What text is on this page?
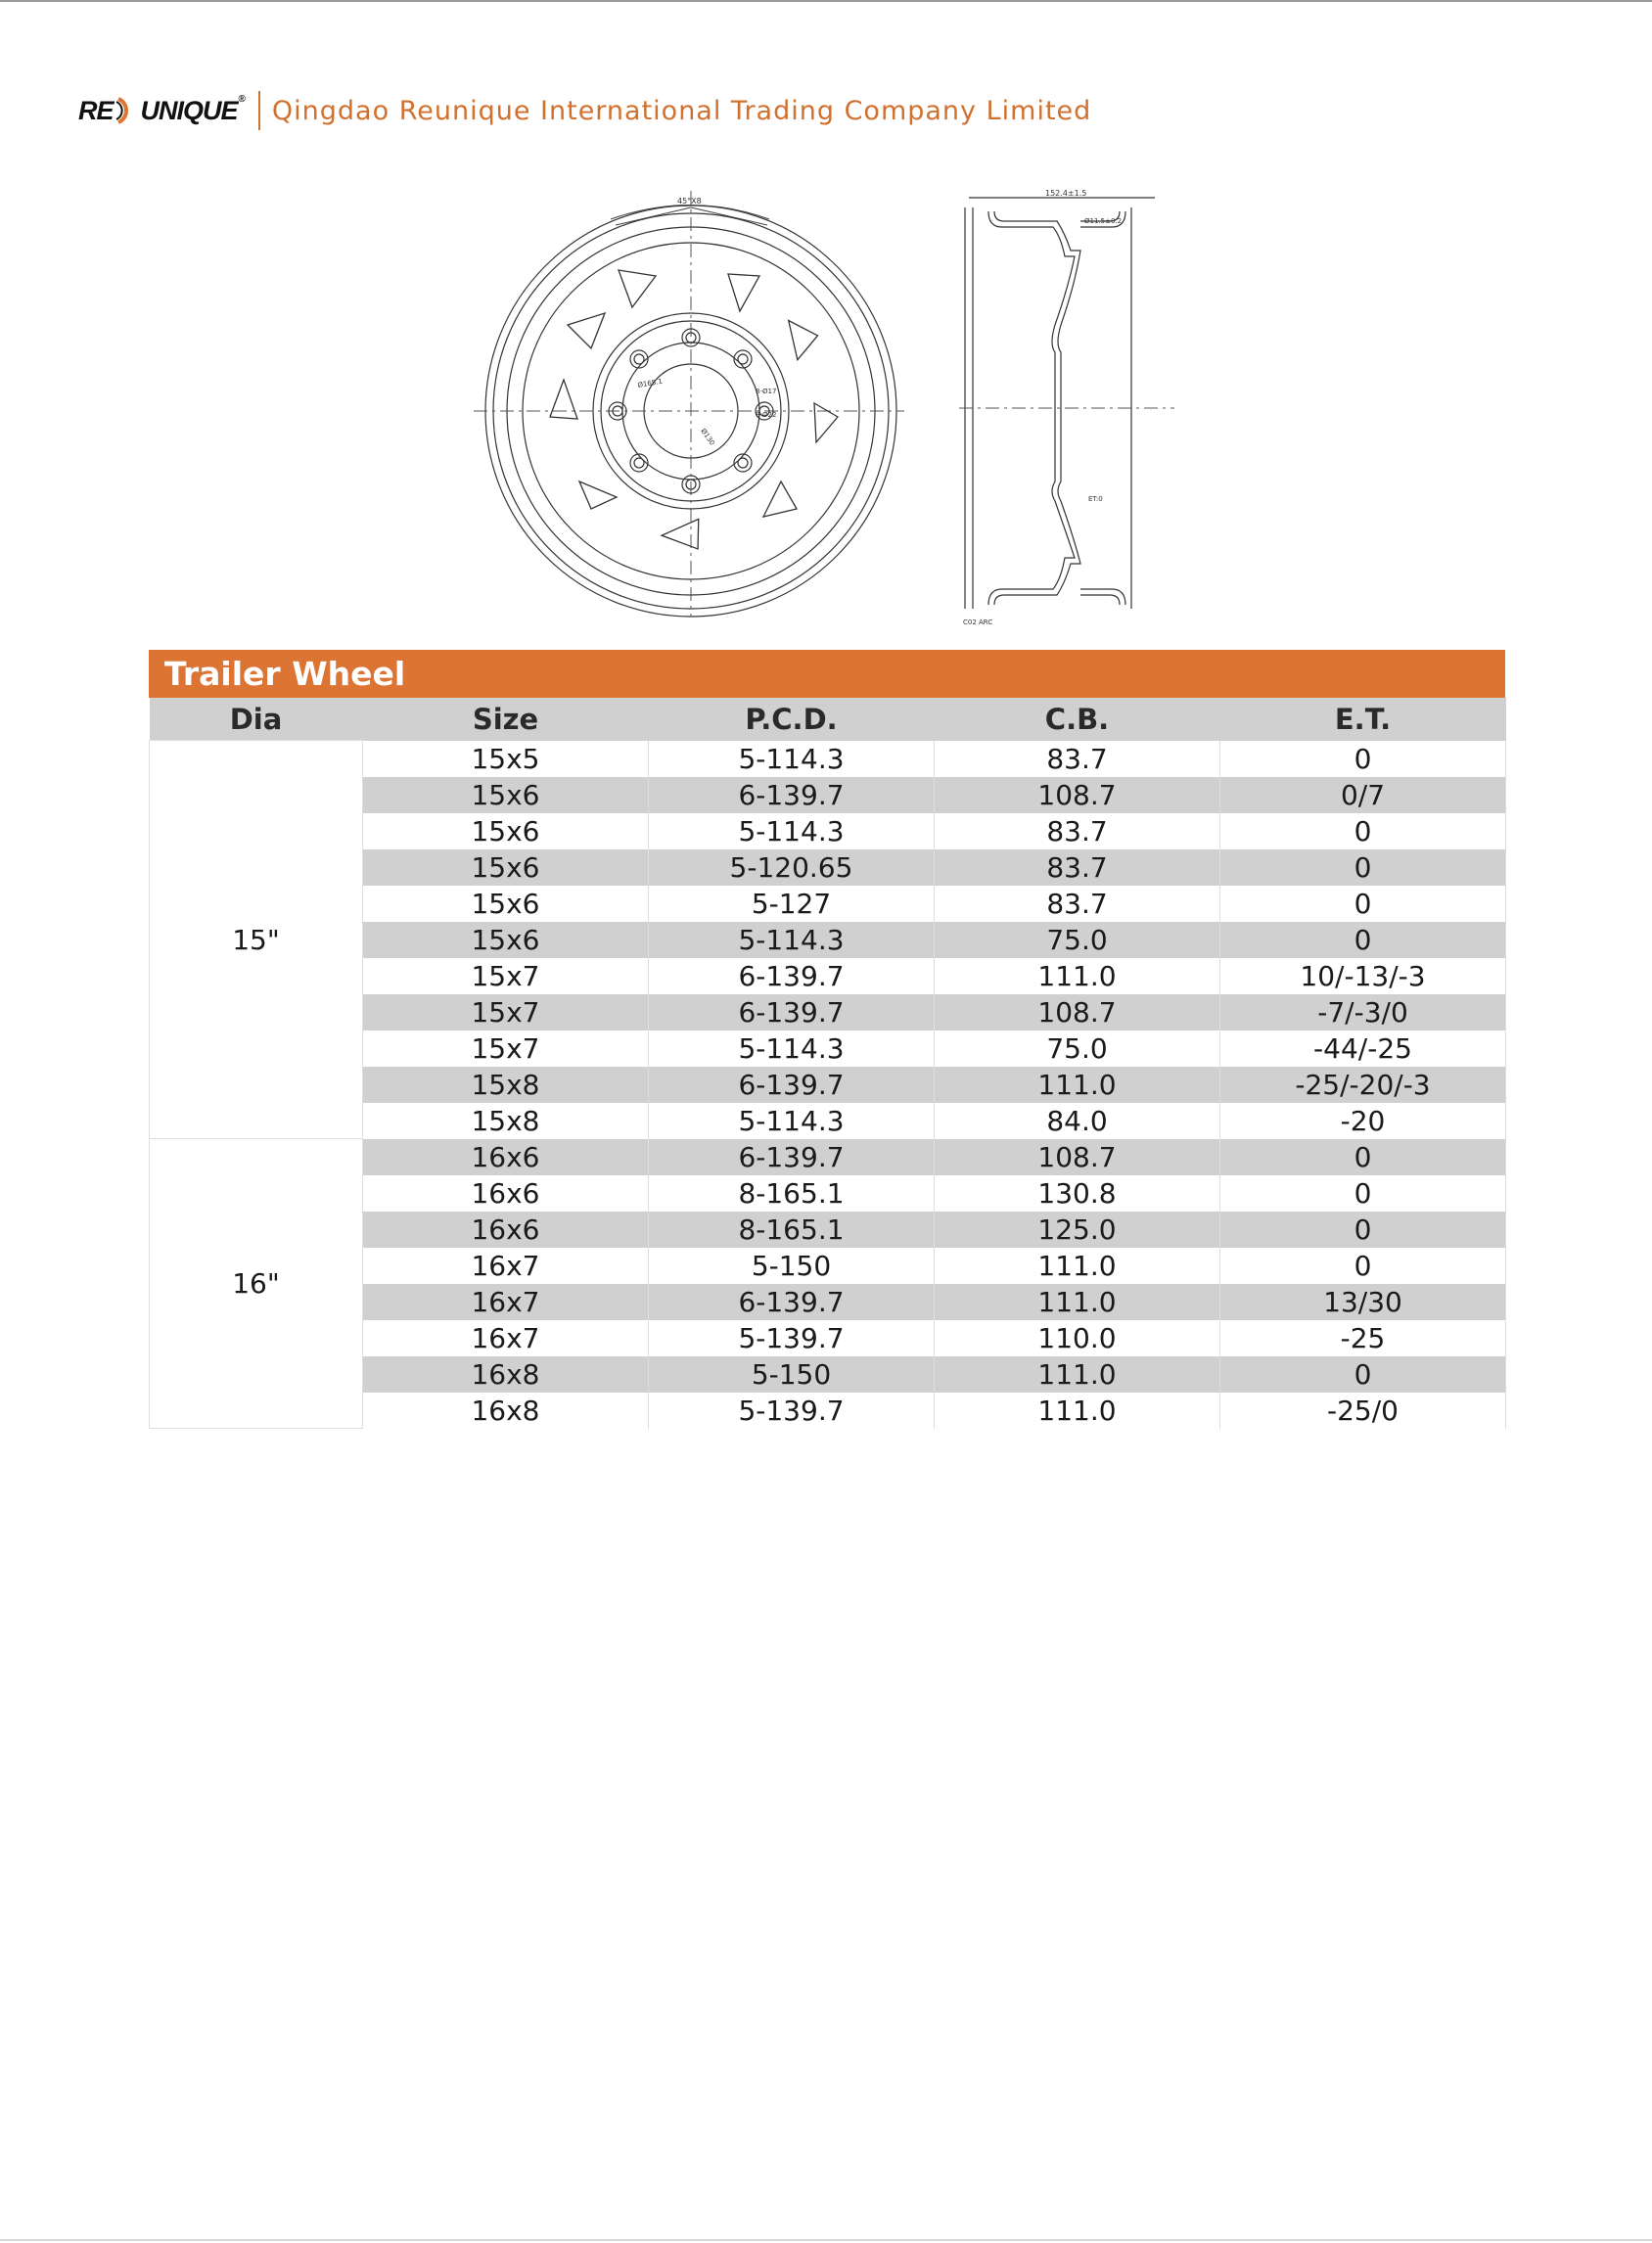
RE UNIQUE ® Qingdao Reunique International Trading Company Limited
45°X8
8-Ø17
8-Ø22
Ø130
Ø165.1
152.4±1.5
Ø11.5±0.2
ET:0
C02 ARC
Trailer Wheel
Dia	Size	P.C.D.	C.B.	E.T.
15"	15x5	5-114.3	83.7	0
	15x6	6-139.7	108.7	0/7
	15x6	5-114.3	83.7	0
	15x6	5-120.65	83.7	0
	15x6	5-127	83.7	0
	15x6	5-114.3	75.0	0
	15x7	6-139.7	111.0	10/-13/-3
	15x7	6-139.7	108.7	-7/-3/0
	15x7	5-114.3	75.0	-44/-25
	15x8	6-139.7	111.0	-25/-20/-3
	15x8	5-114.3	84.0	-20
16"	16x6	6-139.7	108.7	0
	16x6	8-165.1	130.8	0
	16x6	8-165.1	125.0	0
	16x7	5-150	111.0	0
	16x7	6-139.7	111.0	13/30
	16x7	5-139.7	110.0	-25
	16x8	5-150	111.0	0
	16x8	5-139.7	111.0	-25/0
